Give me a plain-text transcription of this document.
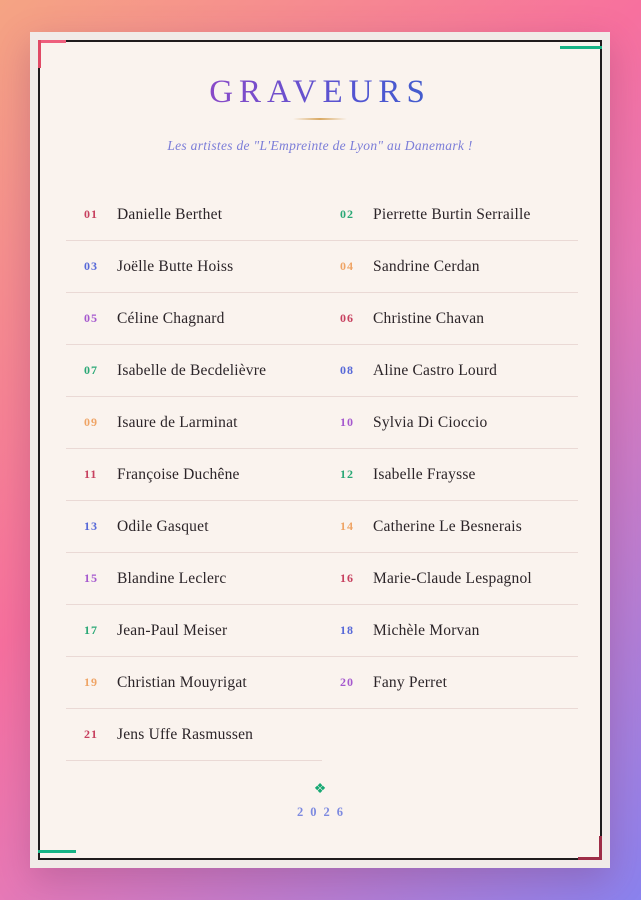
GRAVEURS

Les artistes de "L'Empreinte de Lyon" au Danemark !

01	Danielle Berthet	02	Pierrette Burtin Serraille
03	Joëlle Butte Hoiss	04	Sandrine Cerdan
05	Céline Chagnard	06	Christine Chavan
07	Isabelle de Becdelièvre	08	Aline Castro Lourd
09	Isaure de Larminat	10	Sylvia Di Cioccio
11	Françoise Duchêne	12	Isabelle Fraysse
13	Odile Gasquet	14	Catherine Le Besnerais
15	Blandine Leclerc	16	Marie-Claude Lespagnol
17	Jean-Paul Meiser	18	Michèle Morvan
19	Christian Mouyrigat	20	Fany Perret
21	Jens Uffe Rasmussen
❖
2026
